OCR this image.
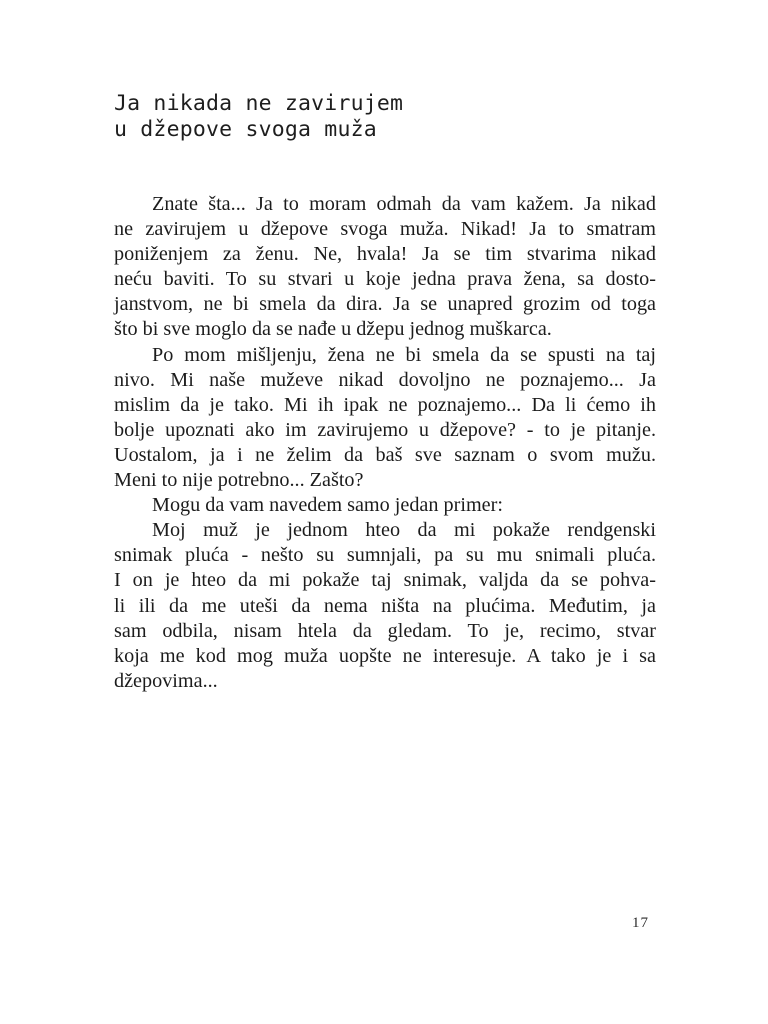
Ja nikada ne zavirujem
u džepove svoga muža
Znate šta... Ja to moram odmah da vam kažem. Ja nikad
ne zavirujem u džepove svoga muža. Nikad! Ja to smatram
poniženjem za ženu. Ne, hvala! Ja se tim stvarima nikad
neću baviti. To su stvari u koje jedna prava žena, sa dosto-
janstvom, ne bi smela da dira. Ja se unapred grozim od toga
što bi sve moglo da se nađe u džepu jednog muškarca.
Po mom mišljenju, žena ne bi smela da se spusti na taj
nivo. Mi naše muževe nikad dovoljno ne poznajemo... Ja
mislim da je tako. Mi ih ipak ne poznajemo... Da li ćemo ih
bolje upoznati ako im zavirujemo u džepove? - to je pitanje.
Uostalom, ja i ne želim da baš sve saznam o svom mužu.
Meni to nije potrebno... Zašto?
Mogu da vam navedem samo jedan primer:
Moj muž je jednom hteo da mi pokaže rendgenski
snimak pluća - nešto su sumnjali, pa su mu snimali pluća.
I on je hteo da mi pokaže taj snimak, valjda da se pohva-
li ili da me uteši da nema ništa na plućima. Međutim, ja
sam odbila, nisam htela da gledam. To je, recimo, stvar
koja me kod mog muža uopšte ne interesuje. A tako je i sa
džepovima...
17
